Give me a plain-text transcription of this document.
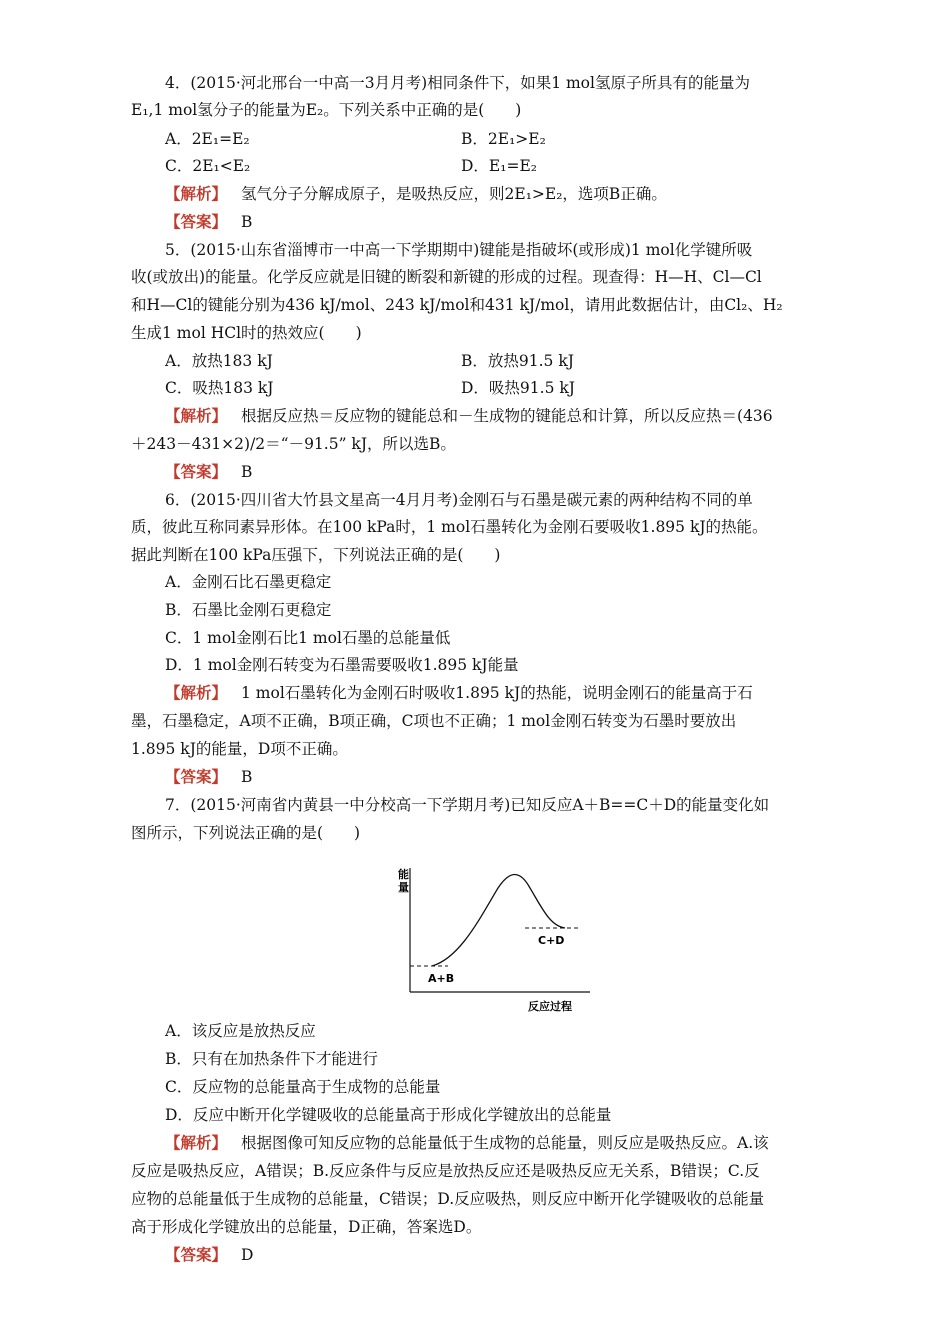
4．(2015·河北邢台一中高一3月月考)相同条件下，如果1 mol氢原子所具有的能量为
E₁,1 mol氢分子的能量为E₂。下列关系中正确的是(　　)
A．2E₁=E₂	B．2E₁>E₂
C．2E₁<E₂	D．E₁=E₂
【解析】 氢气分子分解成原子，是吸热反应，则2E₁>E₂，选项B正确。
【答案】 B
5．(2015·山东省淄博市一中高一下学期期中)键能是指破坏(或形成)1 mol化学键所吸
收(或放出)的能量。化学反应就是旧键的断裂和新键的形成的过程。现查得：H—H、Cl—Cl
和H—Cl的键能分别为436 kJ/mol、243 kJ/mol和431 kJ/mol，请用此数据估计，由Cl₂、H₂
生成1 mol HCl时的热效应(　　)
A．放热183 kJ	B．放热91.5 kJ
C．吸热183 kJ	D．吸热91.5 kJ
【解析】 根据反应热＝反应物的键能总和－生成物的键能总和计算，所以反应热＝(436
＋243－431×2)/2＝“－91.5” kJ，所以选B。
【答案】 B
6．(2015·四川省大竹县文星高一4月月考)金刚石与石墨是碳元素的两种结构不同的单
质，彼此互称同素异形体。在100 kPa时，1 mol石墨转化为金刚石要吸收1.895 kJ的热能。
据此判断在100 kPa压强下，下列说法正确的是(　　)
A．金刚石比石墨更稳定
B．石墨比金刚石更稳定
C．1 mol金刚石比1 mol石墨的总能量低
D．1 mol金刚石转变为石墨需要吸收1.895 kJ能量
【解析】 1 mol石墨转化为金刚石时吸收1.895 kJ的热能，说明金刚石的能量高于石
墨，石墨稳定，A项不正确，B项正确，C项也不正确；1 mol金刚石转变为石墨时要放出
1.895 kJ的能量，D项不正确。
【答案】 B
7．(2015·河南省内黄县一中分校高一下学期月考)已知反应A＋B==C＋D的能量变化如
图所示，下列说法正确的是(　　)
能
量
反应过程
A+B
C+D
A．该反应是放热反应
B．只有在加热条件下才能进行
C．反应物的总能量高于生成物的总能量
D．反应中断开化学键吸收的总能量高于形成化学键放出的总能量
【解析】 根据图像可知反应物的总能量低于生成物的总能量，则反应是吸热反应。A.该
反应是吸热反应，A错误；B.反应条件与反应是放热反应还是吸热反应无关系，B错误；C.反
应物的总能量低于生成物的总能量，C错误；D.反应吸热，则反应中断开化学键吸收的总能量
高于形成化学键放出的总能量，D正确，答案选D。
【答案】 D
